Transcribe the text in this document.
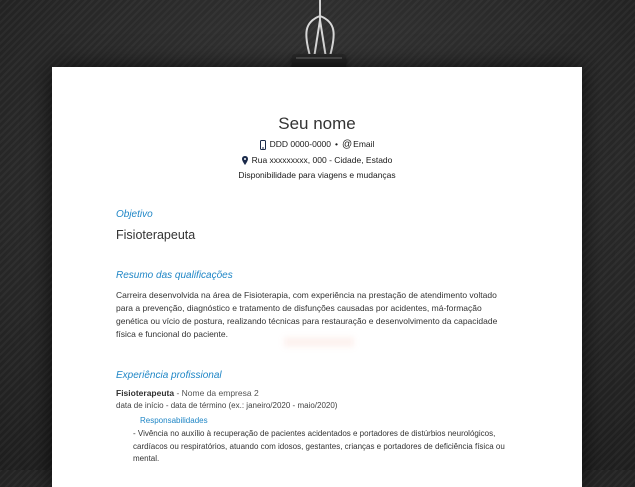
Seu nome
DDD 0000-0000 • @Email
Rua xxxxxxxxx, 000 - Cidade, Estado
Disponibilidade para viagens e mudanças
Objetivo
Fisioterapeuta
Resumo das qualificações
Carreira desenvolvida na área de Fisioterapia, com experiência na prestação de atendimento voltado para a prevenção, diagnóstico e tratamento de disfunções causadas por acidentes, má-formação genética ou vício de postura, realizando técnicas para restauração e desenvolvimento da capacidade física e funcional do paciente.
Experiência profissional
Fisioterapeuta - Nome da empresa 2
data de início - data de término (ex.: janeiro/2020 - maio/2020)
Responsabilidades
- Vivência no auxílio à recuperação de pacientes acidentados e portadores de distúrbios neurológicos, cardíacos ou respiratórios, atuando com idosos, gestantes, crianças e portadores de deficiência física ou mental.
